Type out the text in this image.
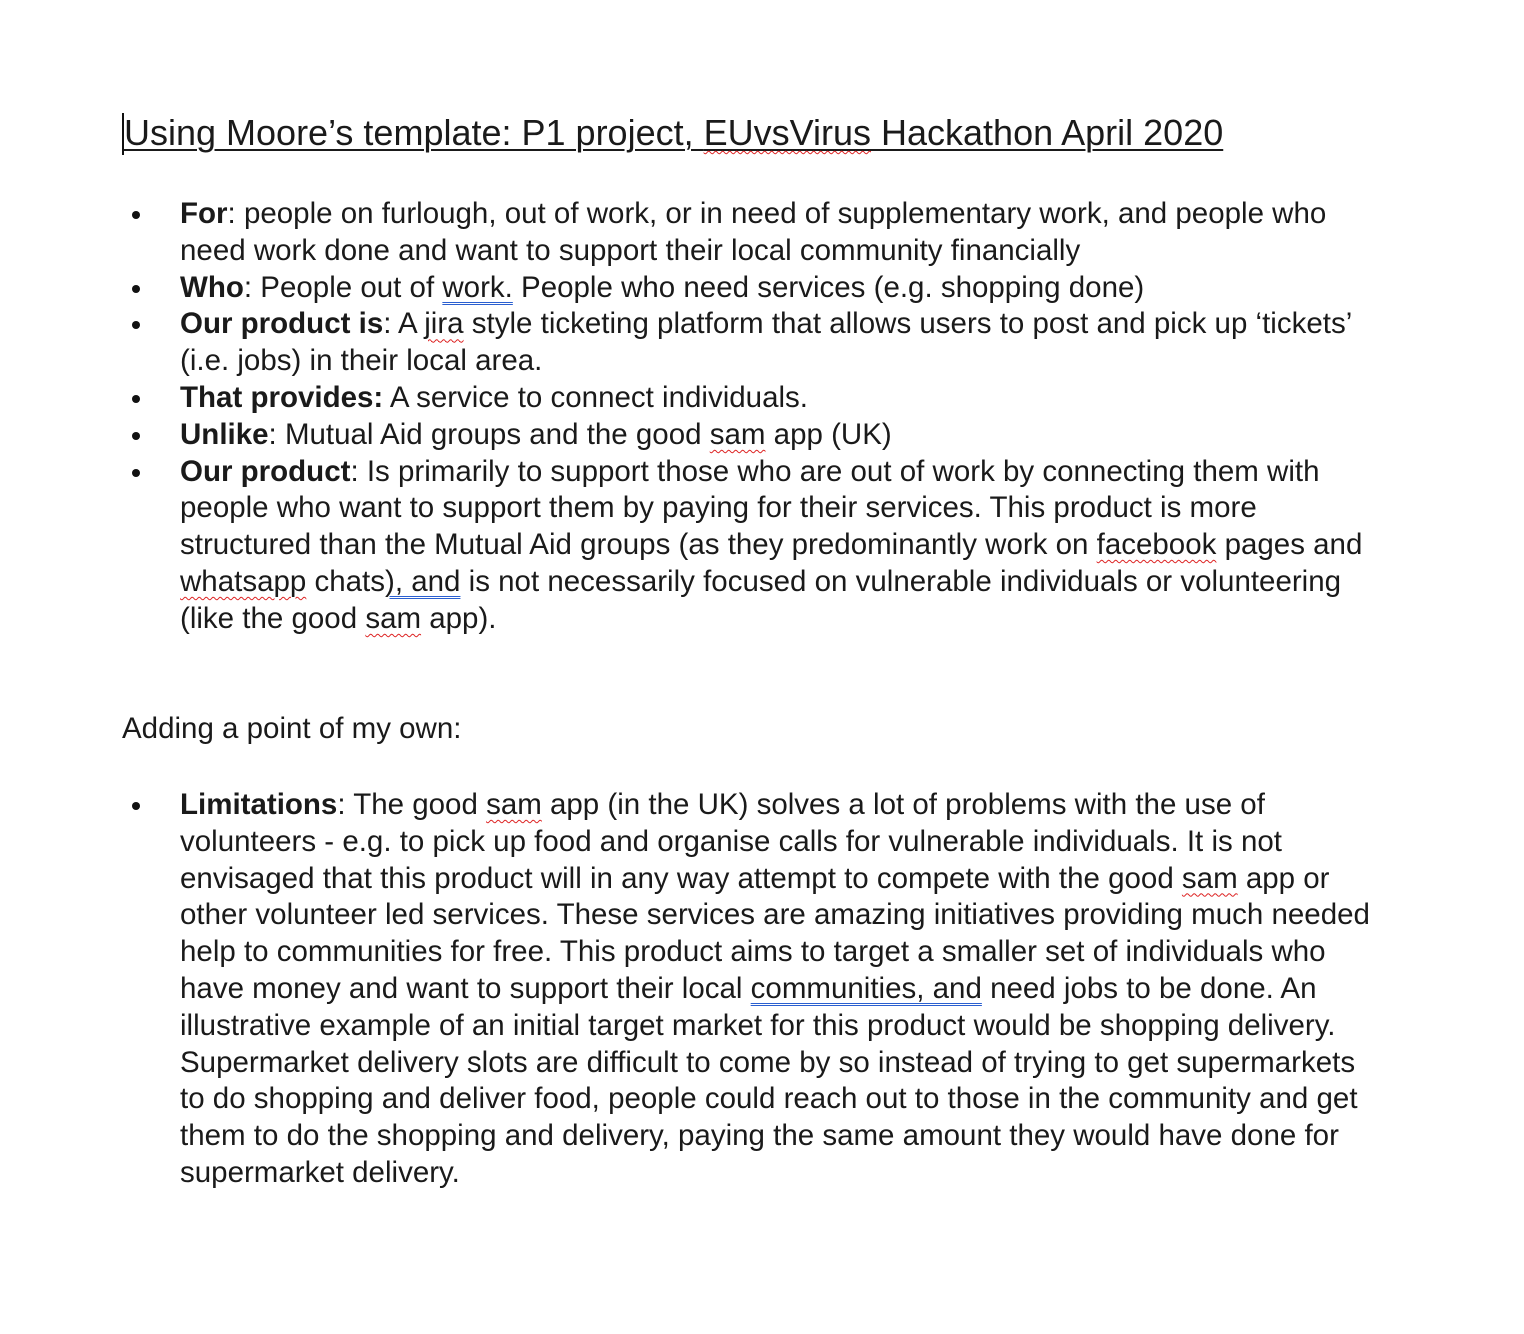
Using Moore’s template: P1 project, EUvsVirus Hackathon April 2020
For: people on furlough, out of work, or in need of supplementary work, and people who need work done and want to support their local community financially
Who: People out of work. People who need services (e.g. shopping done)
Our product is: A jira style ticketing platform that allows users to post and pick up ‘tickets’ (i.e. jobs) in their local area.
That provides: A service to connect individuals.
Unlike: Mutual Aid groups and the good sam app (UK)
Our product: Is primarily to support those who are out of work by connecting them with people who want to support them by paying for their services. This product is more structured than the Mutual Aid groups (as they predominantly work on facebook pages and whatsapp chats), and is not necessarily focused on vulnerable individuals or volunteering (like the good sam app).
Adding a point of my own:
Limitations: The good sam app (in the UK) solves a lot of problems with the use of volunteers - e.g. to pick up food and organise calls for vulnerable individuals. It is not envisaged that this product will in any way attempt to compete with the good sam app or other volunteer led services. These services are amazing initiatives providing much needed help to communities for free. This product aims to target a smaller set of individuals who have money and want to support their local communities, and need jobs to be done. An illustrative example of an initial target market for this product would be shopping delivery. Supermarket delivery slots are difficult to come by so instead of trying to get supermarkets to do shopping and deliver food, people could reach out to those in the community and get them to do the shopping and delivery, paying the same amount they would have done for supermarket delivery.
